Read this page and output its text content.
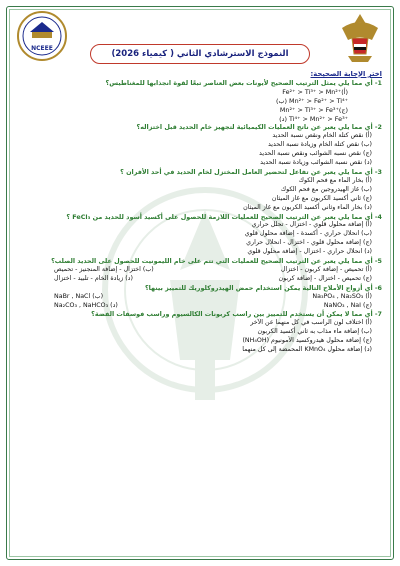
NCEEE
النموذج الاسترشادي الثاني ( كيمياء 2026)
اختر الإجابة الصحيحة:
1- أي مما يلي يمثل الترتيب الصحيح لأيونات بعض العناصر تبعًا لقوة انجذابها للمغناطيس؟
Fe²⁺ > Ti³⁺ > Mn²⁺(أ)
(ب) Mn²⁺ > Fe²⁺ > Ti⁴⁺
Mn²⁺ > Ti³⁺ > Fe³⁺(ج)
(د) Ti⁴⁺ > Mn²⁺ > Fe³⁺
2- أي مما يلي يعبر عن ناتج العمليات الكيميائية لتجهيز خام الحديد قبل اختزاله؟
(أ) نقص كتلة الخام ونقص نسبة الحديد
(ب) نقص كتلة الخام وزيادة نسبة الحديد
(ج) نقص نسبه الشوائب ونقص نسبة الحديد
(د) نقص نسبة الشوائب وزيادة نسبة الحديد
3- أي مما يلي يعبر عن تفاعل لتحضير العامل المختزل لخام الحديد في أحد الأفران ؟
(أ) بخار الماء مع فحم الكوك
(ب) غاز الهيدروجين مع فحم الكوك
(ج) ثاني أكسيد الكربون مع غاز الميثان
(د) بخار الماء وثاني أكسيد الكربون مع غاز الميثان
4- أي مما يلي يعبر عن الترتيب الصحيح للعمليات اللازمة للحصول على أكسيد أسود للحديد من FeCl₃ ؟
(أ) إضافة محلول قلوي - اختزال - تحلل حراري
(ب) انحلال حراري - أكسدة - إضافة محلول قلوي
(ج) إضافة محلول قلوي - اختزال - انحلال حراري
(د) انحلال حراري - اختزال - إضافة محلول قلوي
5- أي مما يلي يعبر عن الترتيب الصحيح للعمليات التي تتم على خام الليمونيت للحصول على الحديد الصلب؟
(أ) تحميص - إضافة كربون - اختزال
(ب) اختزال - إضافة المنجنيز - تحميص
(ج) تحميص - اختزال - إضافة كربون
(د) زيادة الخام - تلبيد - اختزال
6- أي أزواج الأملاح التالية يمكن استخدام حمض الهيدروكلوريك للتمييز بينها؟
(أ) Na₃PO₄ , Na₂SO₃
(ب) NaBr , NaCl
(ج) NaNO₃ , NaI
(د) Na₂CO₃ , NaHCO₃
7- أي مما لا يمكن أن يستخدم للتمييز بين راسب كربونات الكالسيوم وراسب فوسفات الفضة؟
(أ) اختلاف لون الراسب في كل منهما عن الآخر
(ب) إضافة ماء مذاب به ثاني أكسيد الكربون
(ج) إضافة محلول هيدروكسيد الأمونيوم (NH₄OH)
(د) إضافة محلول KMnO₄ المحمضة إلى كل منهما
